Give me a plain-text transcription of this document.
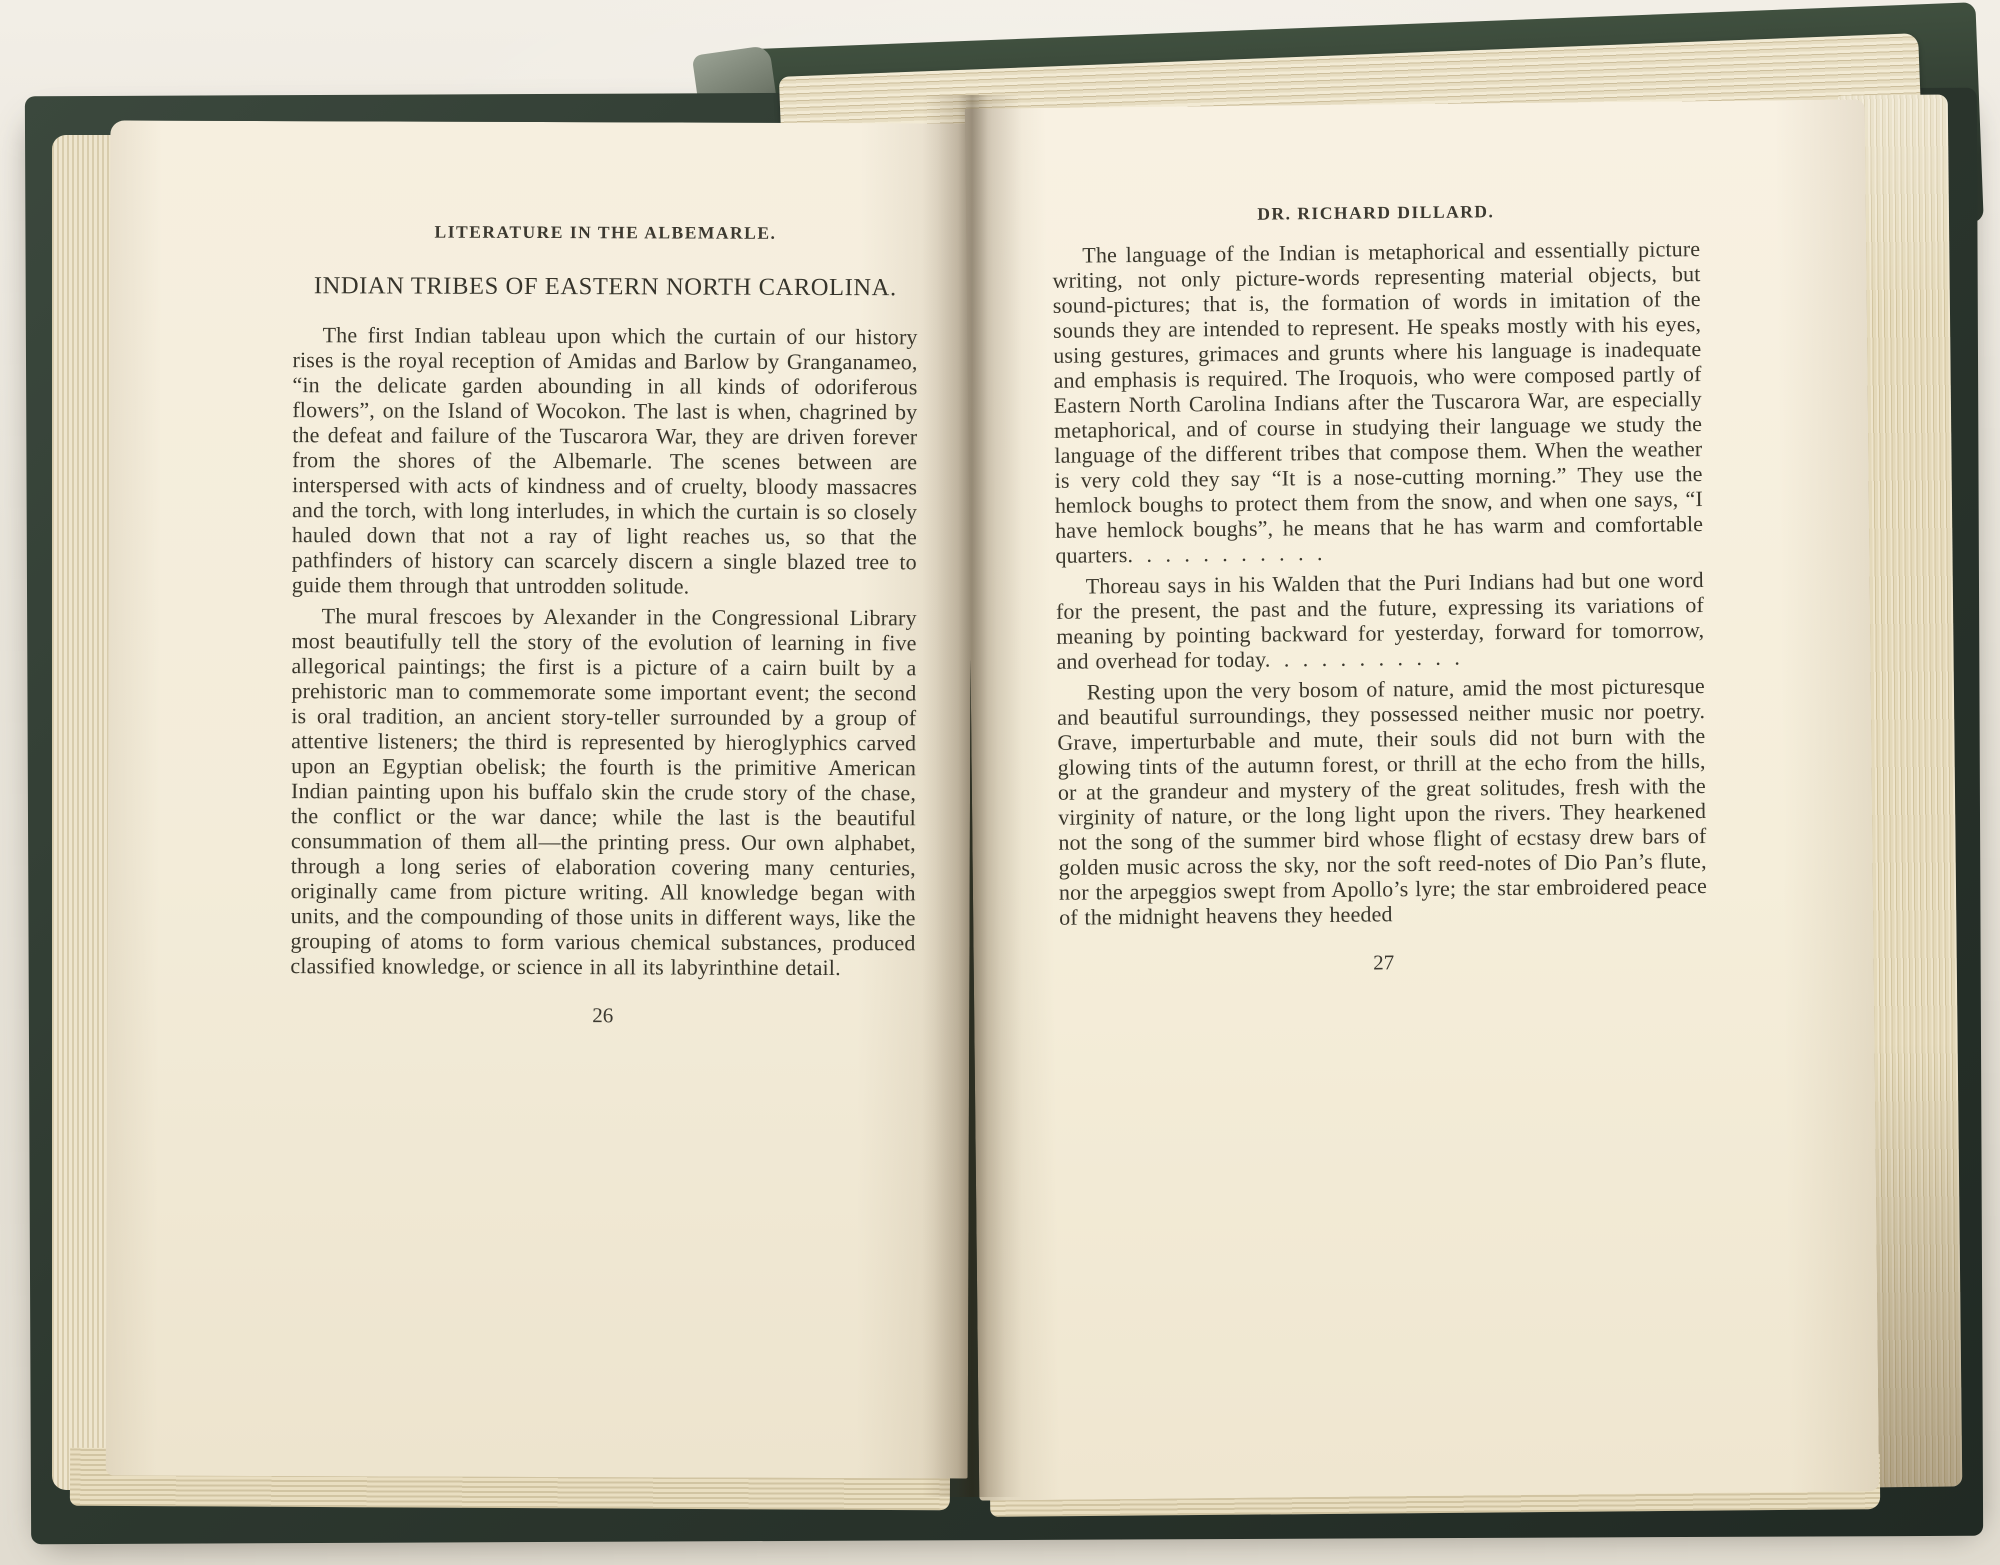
LITERATURE IN THE ALBEMARLE.
INDIAN TRIBES OF EASTERN NORTH CAROLINA.

The first Indian tableau upon which the curtain of our history rises is the royal reception of Amidas and Barlow by Granganameo, “in the delicate garden abounding in all kinds of odoriferous flowers”, on the Island of Wocokon. The last is when, chagrined by the defeat and failure of the Tuscarora War, they are driven forever from the shores of the Albemarle. The scenes between are interspersed with acts of kindness and of cruelty, bloody massacres and the torch, with long interludes, in which the curtain is so closely hauled down that not a ray of light reaches us, so that the pathfinders of history can scarcely discern a single blazed tree to guide them through that untrodden solitude.

The mural frescoes by Alexander in the Congressional Library most beautifully tell the story of the evolution of learning in five allegorical paintings; the first is a picture of a cairn built by a prehistoric man to commemorate some important event; the second is oral tradition, an ancient story-teller surrounded by a group of attentive listeners; the third is represented by hieroglyphics carved upon an Egyptian obelisk; the fourth is the primitive American Indian painting upon his buffalo skin the crude story of the chase, the conflict or the war dance; while the last is the beautiful consummation of them all—the printing press. Our own alphabet, through a long series of elaboration covering many centuries, originally came from picture writing. All knowledge began with units, and the compounding of those units in different ways, like the grouping of atoms to form various chemical substances, produced classified knowledge, or science in all its labyrinthine detail.

26
DR. RICHARD DILLARD.

The language of the Indian is metaphorical and essentially picture writing, not only picture-words representing material objects, but sound-pictures; that is, the formation of words in imitation of the sounds they are intended to represent. He speaks mostly with his eyes, using gestures, grimaces and grunts where his language is inadequate and emphasis is required. The Iroquois, who were composed partly of Eastern North Carolina Indians after the Tuscarora War, are especially metaphorical, and of course in studying their language we study the language of the different tribes that compose them. When the weather is very cold they say “It is a nose-cutting morning.” They use the hemlock boughs to protect them from the snow, and when one says, “I have hemlock boughs”, he means that he has warm and comfortable quarters.  .  .  .  .  .  .  .  .  .  .

Thoreau says in his Walden that the Puri Indians had but one word for the present, the past and the future, expressing its variations of meaning by pointing backward for yesterday, forward for tomorrow, and overhead for today.  .  .  .  .  .  .  .  .  .  .

Resting upon the very bosom of nature, amid the most picturesque and beautiful surroundings, they possessed neither music nor poetry. Grave, imperturbable and mute, their souls did not burn with the glowing tints of the autumn forest, or thrill at the echo from the hills, or at the grandeur and mystery of the great solitudes, fresh with the virginity of nature, or the long light upon the rivers. They hearkened not the song of the summer bird whose flight of ecstasy drew bars of golden music across the sky, nor the soft reed-notes of Dio Pan’s flute, nor the arpeggios swept from Apollo’s lyre; the star embroidered peace of the midnight heavens they heeded

27
